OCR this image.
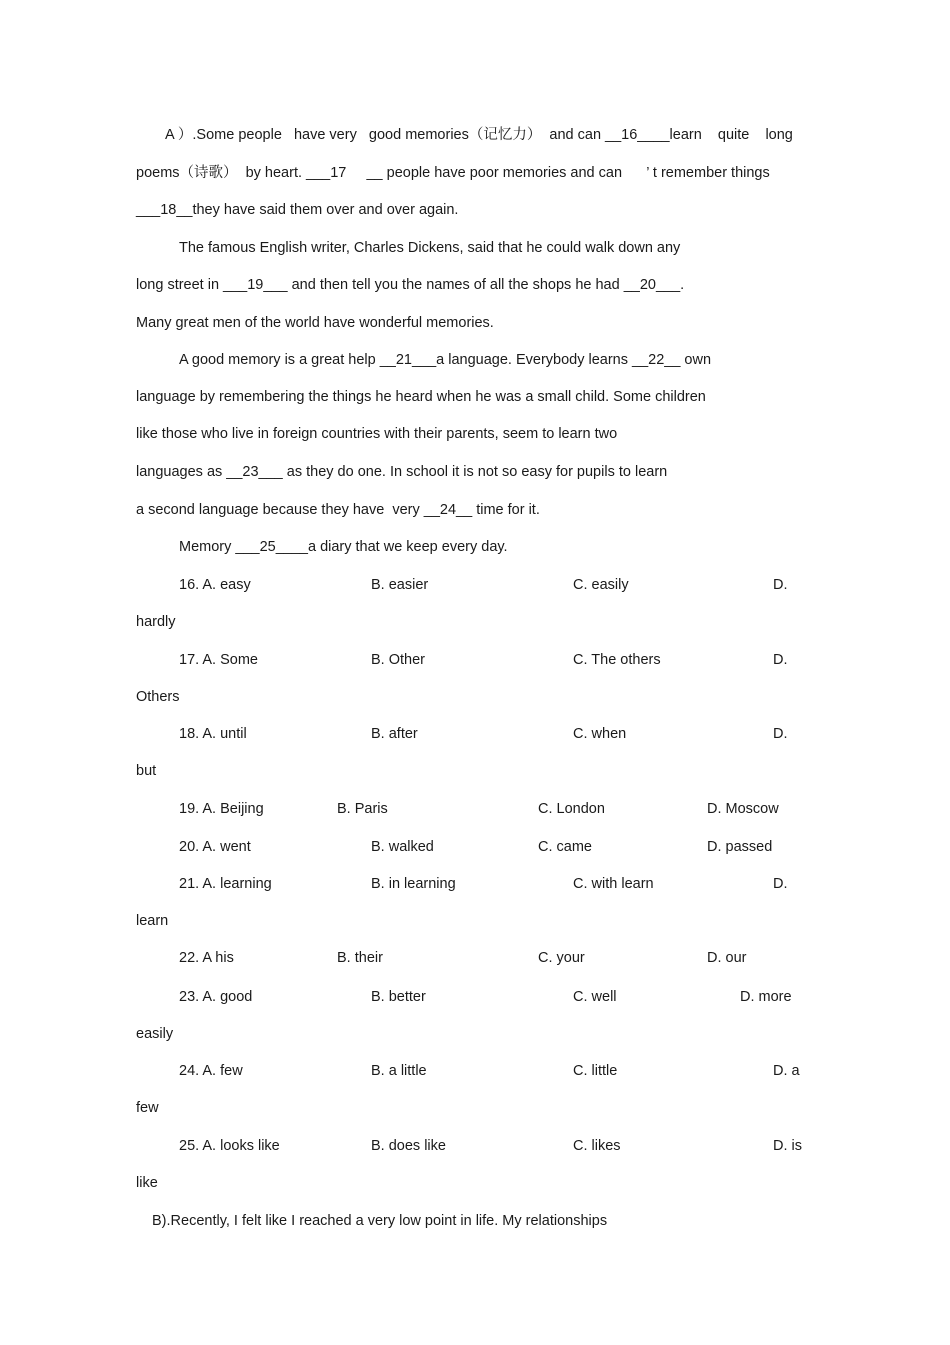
A ）.Some people   have very   good memories（记忆力）  and can __16____learn    quite    long
poems（诗歌）  by heart. ___17     __ people have poor memories and can      ’ t remember things
___18__they have said them over and over again.
The famous English writer, Charles Dickens, said that he could walk down any
long street in ___19___ and then tell you the names of all the shops he had __20___.
Many great men of the world have wonderful memories.
A good memory is a great help __21___a language. Everybody learns __22__ own
language by remembering the things he heard when he was a small child. Some children
like those who live in foreign countries with their parents, seem to learn two
languages as __23___ as they do one. In school it is not so easy for pupils to learn
a second language because they have  very __24__ time for it.
Memory ___25____a diary that we keep every day.
16. A. easy	B. easier	C. easily	D.
hardly
17. A. Some	B. Other	C. The others	D.
Others
18. A. until	B. after	C. when	D.
but
19. A. Beijing	B. Paris	C. London	D. Moscow
20. A. went	B. walked	C. came	D. passed
21. A. learning	B. in learning	C. with learn	D.
learn
22. A his	B. their	C. your	D. our
23. A. good	B. better	C. well	D. more
easily
24. A. few	B. a little	C. little	D. a
few
25. A. looks like	B. does like	C. likes	D. is
like
B).Recently, I felt like I reached a very low point in life. My relationships
